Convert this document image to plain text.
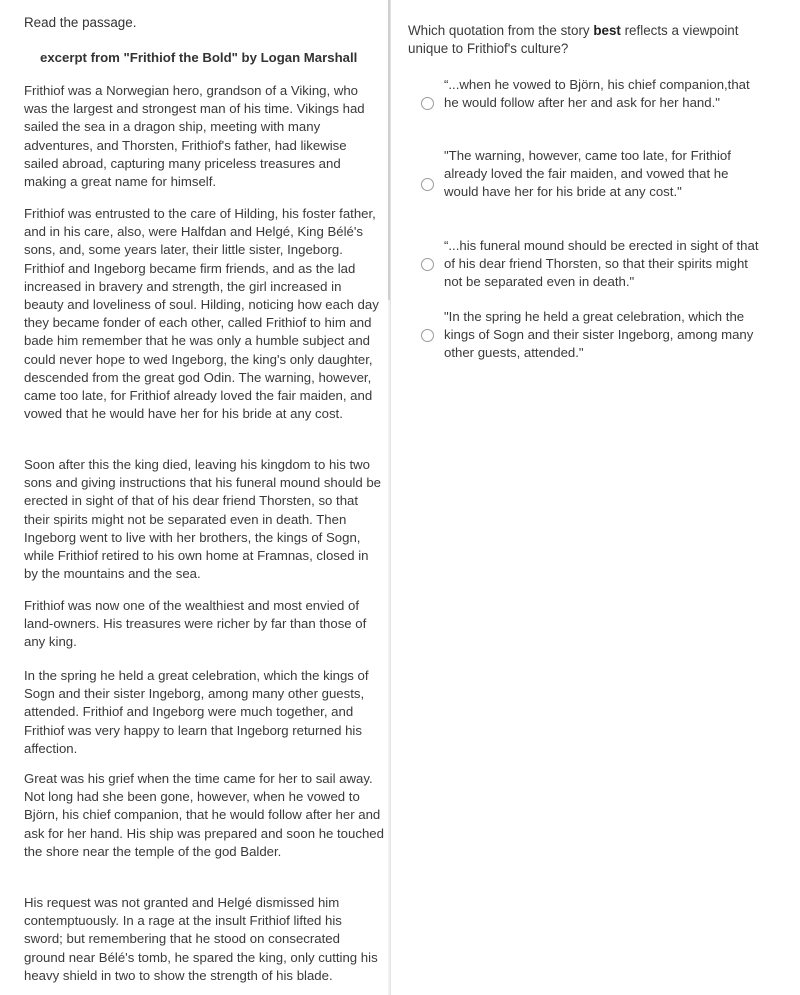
Read the passage.

excerpt from "Frithiof the Bold" by Logan Marshall

Frithiof was a Norwegian hero, grandson of a Viking, who was the largest and strongest man of his time. Vikings had sailed the sea in a dragon ship, meeting with many adventures, and Thorsten, Frithiof's father, had likewise sailed abroad, capturing many priceless treasures and making a great name for himself.

Frithiof was entrusted to the care of Hilding, his foster father, and in his care, also, were Halfdan and Helgé, King Bélé's sons, and, some years later, their little sister, Ingeborg. Frithiof and Ingeborg became firm friends, and as the lad increased in bravery and strength, the girl increased in beauty and loveliness of soul. Hilding, noticing how each day they became fonder of each other, called Frithiof to him and bade him remember that he was only a humble subject and could never hope to wed Ingeborg, the king's only daughter, descended from the great god Odin. The warning, however, came too late, for Frithiof already loved the fair maiden, and vowed that he would have her for his bride at any cost.

Soon after this the king died, leaving his kingdom to his two sons and giving instructions that his funeral mound should be erected in sight of that of his dear friend Thorsten, so that their spirits might not be separated even in death. Then Ingeborg went to live with her brothers, the kings of Sogn, while Frithiof retired to his own home at Framnas, closed in by the mountains and the sea.

Frithiof was now one of the wealthiest and most envied of land-owners. His treasures were richer by far than those of any king.

In the spring he held a great celebration, which the kings of Sogn and their sister Ingeborg, among many other guests, attended. Frithiof and Ingeborg were much together, and Frithiof was very happy to learn that Ingeborg returned his affection.

Great was his grief when the time came for her to sail away. Not long had she been gone, however, when he vowed to Björn, his chief companion, that he would follow after her and ask for her hand. His ship was prepared and soon he touched the shore near the temple of the god Balder.

His request was not granted and Helgé dismissed him contemptuously. In a rage at the insult Frithiof lifted his sword; but remembering that he stood on consecrated ground near Bélé's tomb, he spared the king, only cutting his heavy shield in two to show the strength of his blade.

Which quotation from the story best reflects a viewpoint unique to Frithiof's culture?

“...when he vowed to Björn, his chief companion,that he would follow after her and ask for her hand."
"The warning, however, came too late, for Frithiof already loved the fair maiden, and vowed that he would have her for his bride at any cost."
“...his funeral mound should be erected in sight of that of his dear friend Thorsten, so that their spirits might not be separated even in death."
"In the spring he held a great celebration, which the kings of Sogn and their sister Ingeborg, among many other guests, attended."
